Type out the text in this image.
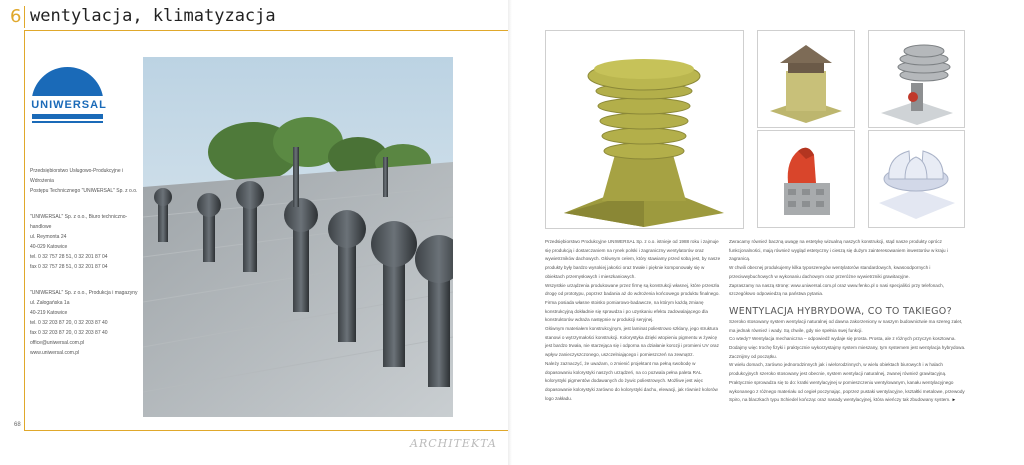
6 wentylacja, klimatyzacja
UNIWERSAL

Przedsiębiorstwo Usługowo-Produkcyjne i Wdrożenia

Postępu Technicznego "UNIWERSAL" Sp. z o.o.

"UNIWERSAL" Sp. z o.o., Biuro techniczno-handlowe

ul. Reymonta 24

40-029 Katowice

tel. 0 32 757 28 51, 0 32 201 87 04

fax 0 32 757 28 51, 0 32 201 87 04

"UNIWERSAL" Sp. z o.o., Produkcja i magazyny

ul. Załogańska 1a

40-219 Katowice

tel. 0 32 203 87 20, 0 32 203 87 40

fax 0 32 203 87 20, 0 32 203 87 40

office@uniwersal.com.pl

www.uniwersal.com.pl

68
ARCHITEKTA

Przedsiębiorstwo Produkcyjne UNIWERSAL Sp. z o.o. istnieje od 1988 roku i zajmuje się produkcją i dostarczaniem na rynek polski i zagraniczny wentylatorów oraz wywietrzników dachowych. Głównym celem, który stawiamy przed sobą jest, by nasze produkty były bardzo wysokiej jakości oraz trwałe i pięknie komponowały się w obiektach przemysłowych i mieszkaniowych.

Wszystkie urządzenia produkowane przez firmę są konstrukcji własnej, które przeszła drogę od prototypu, poprzez badania aż do wdrożenia końcowego produktu finalnego.

Firma posiada własne stoisko pomiarowo-badawcze, na którym każdą zmianę konstrukcyjną dokładnie się sprawdza i po uzyskaniu efektu zadowalającego dla konstruktorów wdraża następnie w produkcji seryjnej.

Głównym materiałem konstrukcyjnym, jest laminat poliestrowo szklany, jego struktura stanowi o wytrzymałości konstrukcji. Kolorystyka dzięki wtopieniu pigmentu w żywicę jest bardzo trwała, nie starzejąca się i odporna na działanie korozji i promieni UV oraz wpływ zanieczyszczonego, uszczelniającego i pomieszczeń na zewnątrz.

Należy zaznaczyć, że uważam, o zmienić projektant ma pełną swobodę w dopasowaniu kolorystyki naszych urządzeń, na co pozwala pełna paleta RAL kolorystyki pigmentów dodawanych do żywic poliestrowych. Możliwe jest więc dopasowanie kolorystyki zarówno do kolorystyki dachu, elewacji, jak również kolorów logo zakładu.

Zwracamy również baczną uwagę na estetykę wizualną naszych konstrukcji, stąd nasze produkty oprócz funkcjonalności, mają również wygląd estetyczny i cieszą się dużym zainteresowaniem inwestorów w kraju i zagranicą.

W chwili obecnej produkujemy kilka typoszeregów wentylatorów standardowych, kwasoodpornych i przeciwwybuchowych w wykonaniu dachowym oraz przeróżne wywietrzniki grawitacyjne.

Zapraszamy na naszą stronę: www.uniwersal.com.pl oraz www.fenko.pl o nasi specjaliści przy telefonach, szczegółowo odpowiedzą na państwa pytania.

WENTYLACJA HYBRYDOWA, CO TO TAKIEGO?

Szeroko stosowany system wentylacji naturalnej od dawna zakorzeniony w naszym budownictwie ma szereg zalet, ma jednak również i wady. Są chwile, gdy nie spełnia swej funkcji.

Co wtedy? Wentylacja mechaniczna – odpowiedź wydaje się prosta. Prosta, ale z różnych przyczyn kosztowna. Dodajmy więc trochę fizyki i praktycznie wykorzystajmy system mieszany, tym systemem jest wentylacja hybrydowa.

Zacznijmy od początku.

W wielu domach, zarówno jednorodzinnych jak i wielorodzinnych, w wielu obiektach biurowych i w halach produkcyjnych szeroko stosowany jest obecnie, system wentylacji naturalnej, zwanej również grawitacyjną.

Praktycznie sprowadza się to do: kratki wentylacyjnej w pomieszczeniu wentylowanym, kanału wentylacyjnego wykonanego z różnego materiału od cegieł poczynając, poprzez pustaki wentylacyjne, kształtki metalowe, przewody Spiro, na blaczkach typu Schiedel kończąc oraz nasady wentylacyjnej, która wieńczy tak zbudowany system. ►
